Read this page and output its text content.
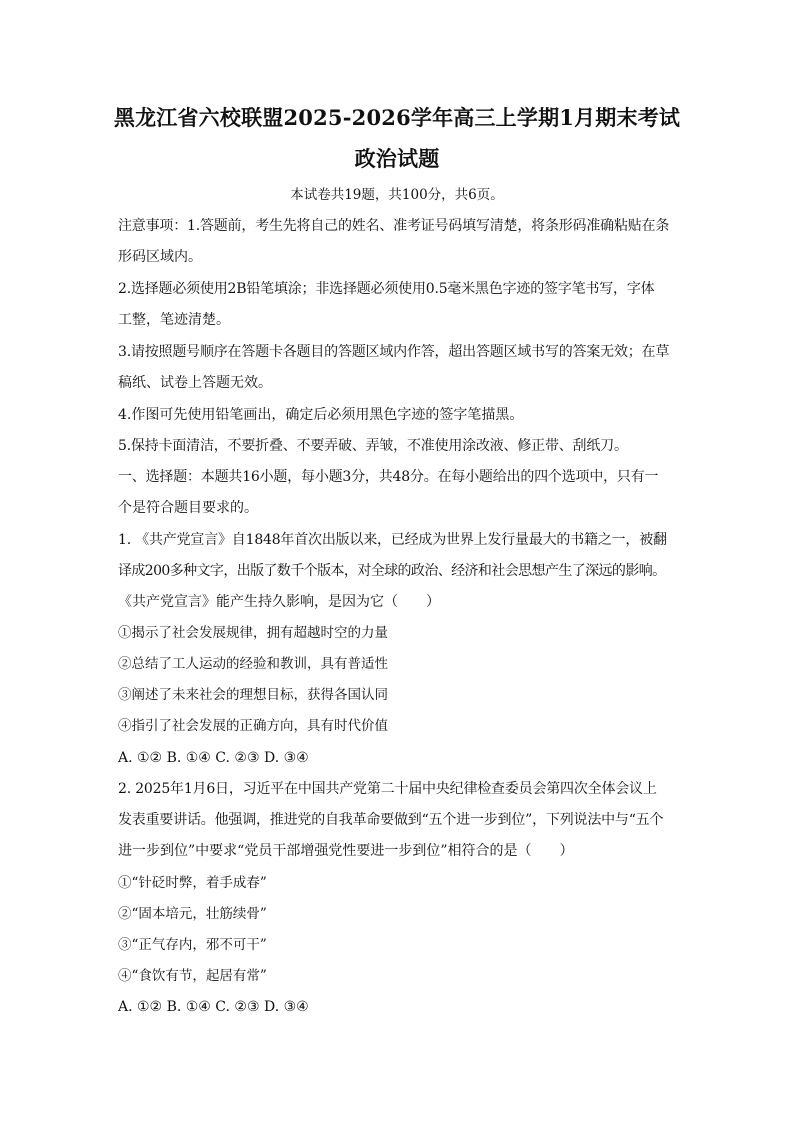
黑龙江省六校联盟2025-2026学年高三上学期1月期末考试
政治试题
本试卷共19题，共100分，共6页。
注意事项：1.答题前，考生先将自己的姓名、准考证号码填写清楚，将条形码准确粘贴在条
形码区域内。
2.选择题必须使用2B铅笔填涂；非选择题必须使用0.5毫米黑色字迹的签字笔书写，字体
工整，笔迹清楚。
3.请按照题号顺序在答题卡各题目的答题区域内作答，超出答题区域书写的答案无效；在草
稿纸、试卷上答题无效。
4.作图可先使用铅笔画出，确定后必须用黑色字迹的签字笔描黑。
5.保持卡面清洁，不要折叠、不要弄破、弄皱，不准使用涂改液、修正带、刮纸刀。
一、选择题：本题共16小题，每小题3分，共48分。在每小题给出的四个选项中，只有一
个是符合题目要求的。
1. 《共产党宣言》自1848年首次出版以来，已经成为世界上发行量最大的书籍之一，被翻
译成200多种文字，出版了数千个版本，对全球的政治、经济和社会思想产生了深远的影响。
《共产党宣言》能产生持久影响，是因为它（　　）
①揭示了社会发展规律，拥有超越时空的力量
②总结了工人运动的经验和教训，具有普适性
③阐述了未来社会的理想目标，获得各国认同
④指引了社会发展的正确方向，具有时代价值
A. ①② B. ①④ C. ②③ D. ③④
2. 2025年1月6日，习近平在中国共产党第二十届中央纪律检查委员会第四次全体会议上
发表重要讲话。他强调，推进党的自我革命要做到“五个进一步到位”，下列说法中与“五个
进一步到位”中要求“党员干部增强党性要进一步到位”相符合的是（　　）
①“针砭时弊，着手成春”
②“固本培元，壮筋续骨”
③“正气存内，邪不可干”
④“食饮有节，起居有常”
A. ①② B. ①④ C. ②③ D. ③④
